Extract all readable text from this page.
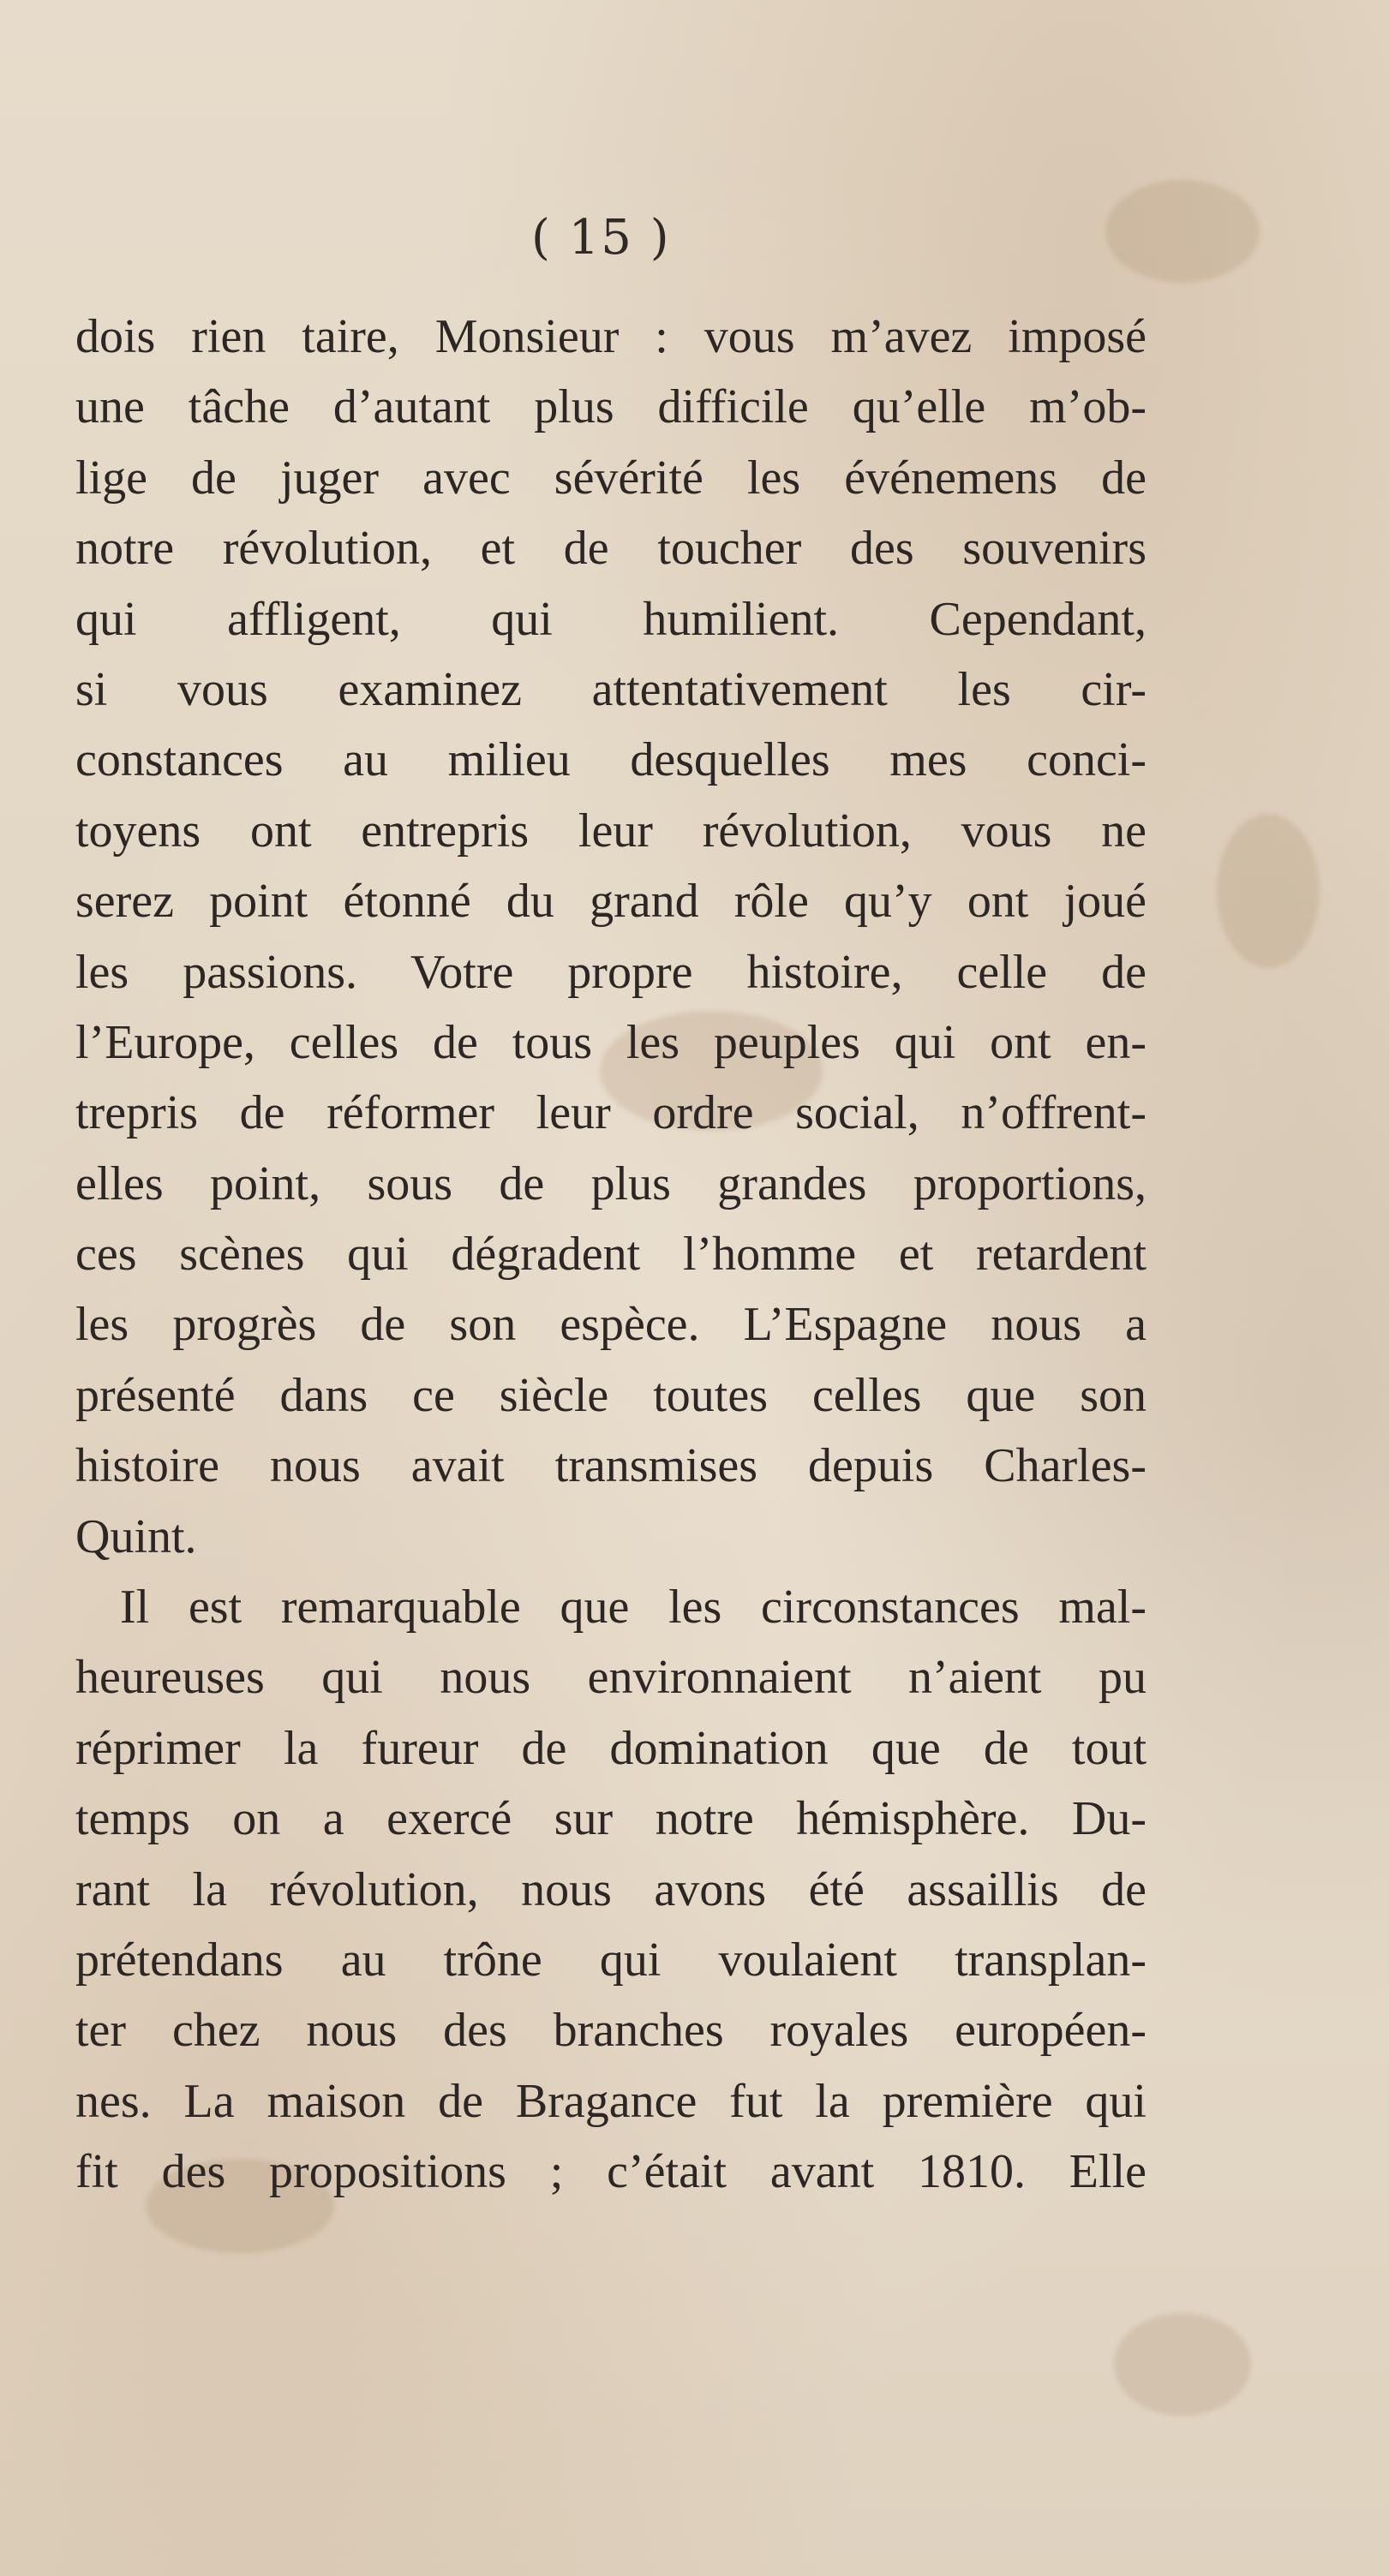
( 15 )
dois rien taire, Monsieur : vous m’avez imposé
une tâche d’autant plus difficile qu’elle m’ob-
lige de juger avec sévérité les événemens de
notre révolution, et de toucher des souvenirs
qui affligent, qui humilient. Cependant,
si vous examinez attentativement les cir-
constances au milieu desquelles mes conci-
toyens ont entrepris leur révolution, vous ne
serez point étonné du grand rôle qu’y ont joué
les passions. Votre propre histoire, celle de
l’Europe, celles de tous les peuples qui ont en-
trepris de réformer leur ordre social, n’offrent-
elles point, sous de plus grandes proportions,
ces scènes qui dégradent l’homme et retardent
les progrès de son espèce. L’Espagne nous a
présenté dans ce siècle toutes celles que son
histoire nous avait transmises depuis Charles-
Quint.
Il est remarquable que les circonstances mal-
heureuses qui nous environnaient n’aient pu
réprimer la fureur de domination que de tout
temps on a exercé sur notre hémisphère. Du-
rant la révolution, nous avons été assaillis de
prétendans au trône qui voulaient transplan-
ter chez nous des branches royales européen-
nes. La maison de Bragance fut la première qui
fit des propositions ; c’était avant 1810. Elle
